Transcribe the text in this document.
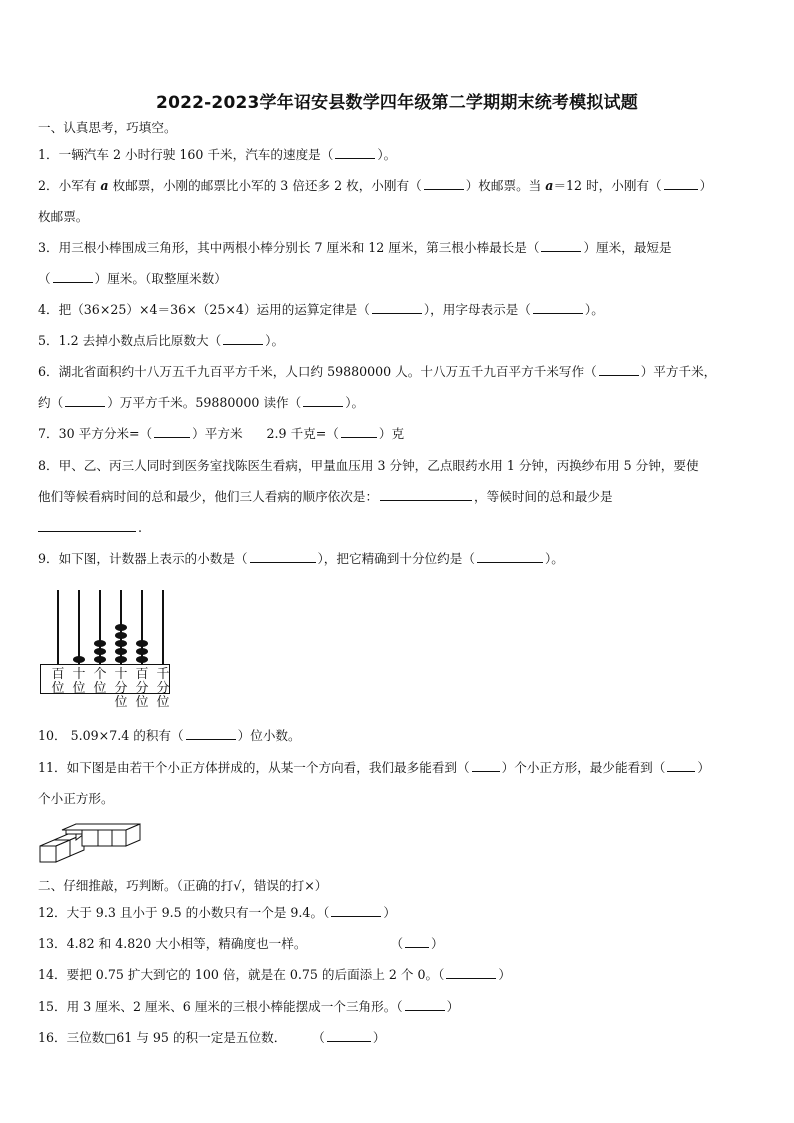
2022-2023学年诏安县数学四年级第二学期期末统考模拟试题
一、认真思考，巧填空。
1．一辆汽车 2 小时行驶 160 千米，汽车的速度是（	）。
2．小军有 a 枚邮票，小刚的邮票比小军的 3 倍还多 2 枚，小刚有（	）枚邮票。当 a＝12 时，小刚有（	）
枚邮票。
3．用三根小棒围成三角形，其中两根小棒分别长 7 厘米和 12 厘米，第三根小棒最长是（	）厘米，最短是
（	）厘米。（取整厘米数）
4．把（36×25）×4＝36×（25×4）运用的运算定律是（	），用字母表示是（	）。
5．1.2 去掉小数点后比原数大（	）。
6．湖北省面积约十八万五千九百平方千米，人口约 59880000 人。十八万五千九百平方千米写作（	）平方千米，
约（	）万平方千米。59880000 读作（	）。
7．30 平方分米=（	）平方米 2.9 千克=（	）克
8．甲、乙、丙三人同时到医务室找陈医生看病，甲量血压用 3 分钟，乙点眼药水用 1 分钟，丙换纱布用 5 分钟，要使
他们等候看病时间的总和最少，他们三人看病的顺序依次是：	，等候时间的总和最少是
.
9．如下图，计数器上表示的小数是（	），把它精确到十分位约是（	）。
百
位
十
位
个
位
十
分
位
百
分
位
千
分
位
10． 5.09×7.4 的积有（	）位小数。
11．如下图是由若干个小正方体拼成的，从某一个方向看，我们最多能看到（	）个小正方形，最少能看到（	）
个小正方形。
二、仔细推敲，巧判断。（正确的打√，错误的打×）
12．大于 9.3 且小于 9.5 的小数只有一个是 9.4。（	）
13．4.82 和 4.820 大小相等，精确度也一样。	（ ）
14．要把 0.75 扩大到它的 100 倍，就是在 0.75 的后面添上 2 个 0。（	）
15．用 3 厘米、2 厘米、6 厘米的三根小棒能摆成一个三角形。（	）
16．三位数□61 与 95 的积一定是五位数． （	）
